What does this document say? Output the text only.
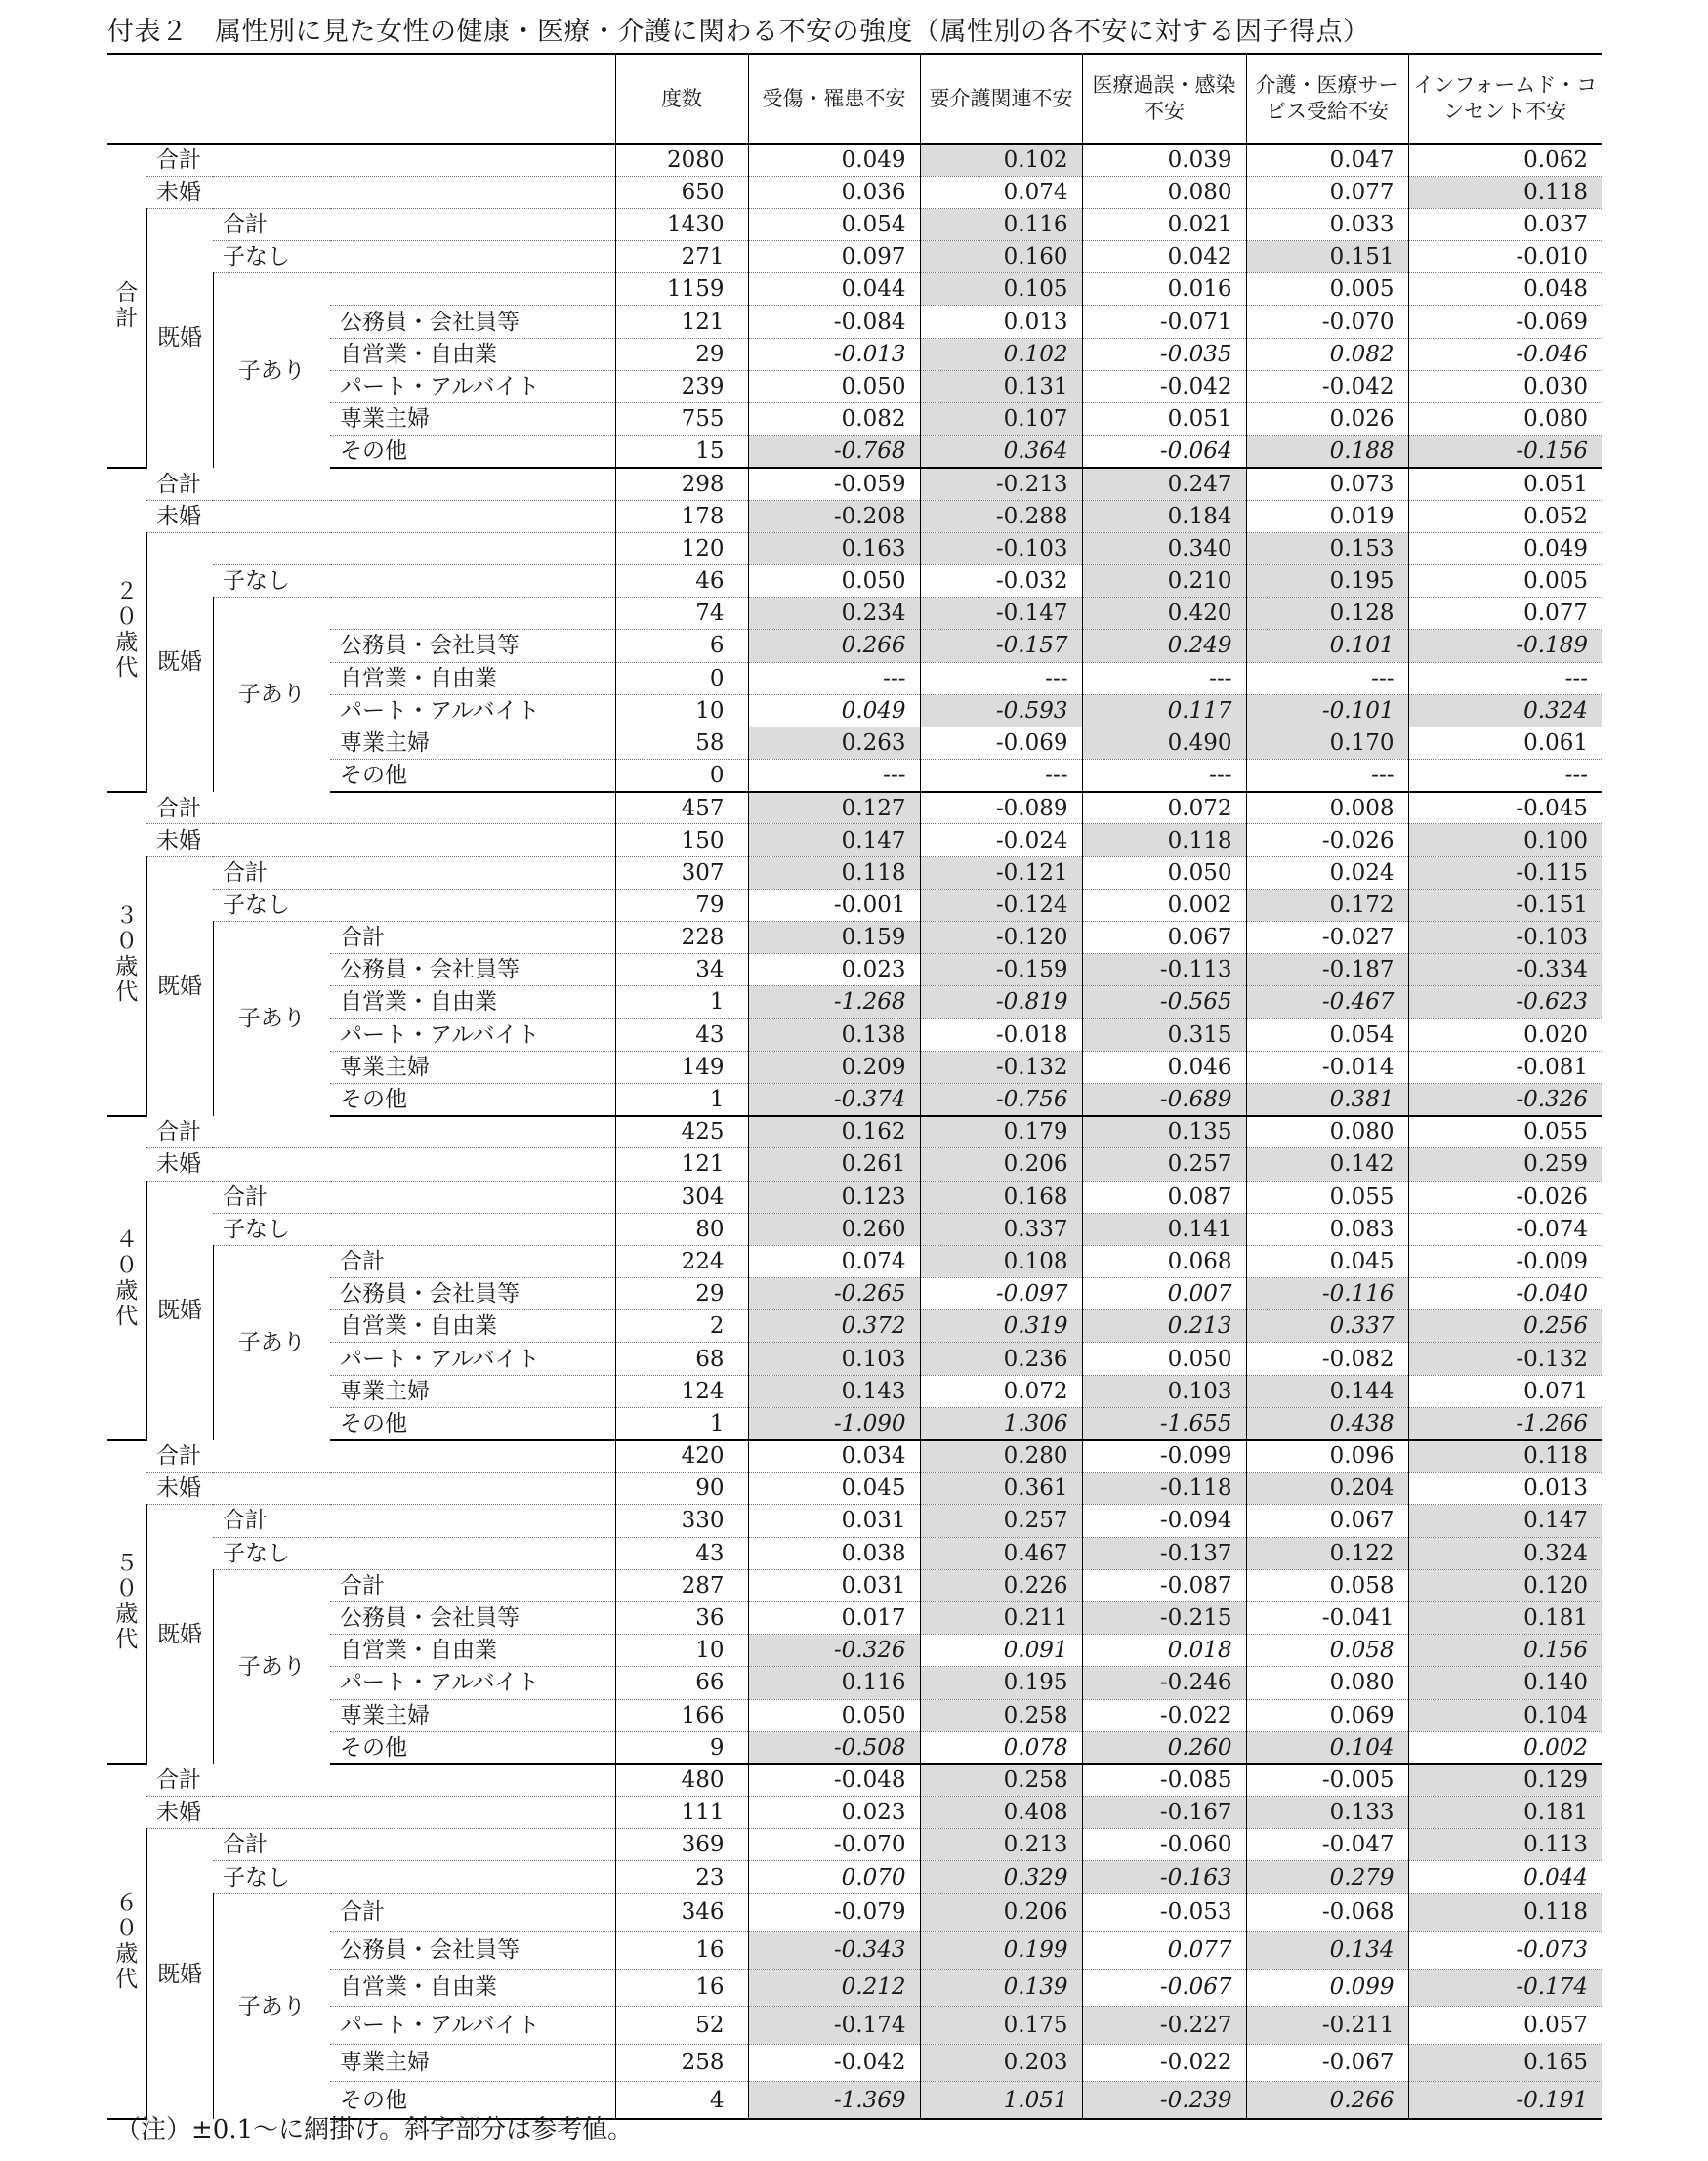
付表２　属性別に見た女性の健康・医療・介護に関わる不安の強度（属性別の各不安に対する因子得点）
				度数	受傷・罹患不安	要介護関連不安	医療過誤・感染不安	介護・医療サービス受給不安	インフォームド・コンセント不安
合計	合計			2080	0.049	0.102	0.039	0.047	0.062
	未婚			650	0.036	0.074	0.080	0.077	0.118
	既婚	合計		1430	0.054	0.116	0.021	0.033	0.037
		子なし		271	0.097	0.160	0.042	0.151	-0.010
		子あり		1159	0.044	0.105	0.016	0.005	0.048
			公務員・会社員等	121	-0.084	0.013	-0.071	-0.070	-0.069
			自営業・自由業	29	-0.013	0.102	-0.035	0.082	-0.046
			パート・アルバイト	239	0.050	0.131	-0.042	-0.042	0.030
			専業主婦	755	0.082	0.107	0.051	0.026	0.080
			その他	15	-0.768	0.364	-0.064	0.188	-0.156
２０歳代	合計			298	-0.059	-0.213	0.247	0.073	0.051
	未婚			178	-0.208	-0.288	0.184	0.019	0.052
	既婚			120	0.163	-0.103	0.340	0.153	0.049
		子なし		46	0.050	-0.032	0.210	0.195	0.005
		子あり		74	0.234	-0.147	0.420	0.128	0.077
			公務員・会社員等	6	0.266	-0.157	0.249	0.101	-0.189
			自営業・自由業	0	---	---	---	---	---
			パート・アルバイト	10	0.049	-0.593	0.117	-0.101	0.324
			専業主婦	58	0.263	-0.069	0.490	0.170	0.061
			その他	0	---	---	---	---	---
３０歳代	合計			457	0.127	-0.089	0.072	0.008	-0.045
	未婚			150	0.147	-0.024	0.118	-0.026	0.100
	既婚	合計		307	0.118	-0.121	0.050	0.024	-0.115
		子なし		79	-0.001	-0.124	0.002	0.172	-0.151
		子あり	合計	228	0.159	-0.120	0.067	-0.027	-0.103
			公務員・会社員等	34	0.023	-0.159	-0.113	-0.187	-0.334
			自営業・自由業	1	-1.268	-0.819	-0.565	-0.467	-0.623
			パート・アルバイト	43	0.138	-0.018	0.315	0.054	0.020
			専業主婦	149	0.209	-0.132	0.046	-0.014	-0.081
			その他	1	-0.374	-0.756	-0.689	0.381	-0.326
４０歳代	合計			425	0.162	0.179	0.135	0.080	0.055
	未婚			121	0.261	0.206	0.257	0.142	0.259
	既婚	合計		304	0.123	0.168	0.087	0.055	-0.026
		子なし		80	0.260	0.337	0.141	0.083	-0.074
		子あり	合計	224	0.074	0.108	0.068	0.045	-0.009
			公務員・会社員等	29	-0.265	-0.097	0.007	-0.116	-0.040
			自営業・自由業	2	0.372	0.319	0.213	0.337	0.256
			パート・アルバイト	68	0.103	0.236	0.050	-0.082	-0.132
			専業主婦	124	0.143	0.072	0.103	0.144	0.071
			その他	1	-1.090	1.306	-1.655	0.438	-1.266
５０歳代	合計			420	0.034	0.280	-0.099	0.096	0.118
	未婚			90	0.045	0.361	-0.118	0.204	0.013
	既婚	合計		330	0.031	0.257	-0.094	0.067	0.147
		子なし		43	0.038	0.467	-0.137	0.122	0.324
		子あり	合計	287	0.031	0.226	-0.087	0.058	0.120
			公務員・会社員等	36	0.017	0.211	-0.215	-0.041	0.181
			自営業・自由業	10	-0.326	0.091	0.018	0.058	0.156
			パート・アルバイト	66	0.116	0.195	-0.246	0.080	0.140
			専業主婦	166	0.050	0.258	-0.022	0.069	0.104
			その他	9	-0.508	0.078	0.260	0.104	0.002
６０歳代	合計			480	-0.048	0.258	-0.085	-0.005	0.129
	未婚			111	0.023	0.408	-0.167	0.133	0.181
	既婚	合計		369	-0.070	0.213	-0.060	-0.047	0.113
		子なし		23	0.070	0.329	-0.163	0.279	0.044
		子あり	合計	346	-0.079	0.206	-0.053	-0.068	0.118
			公務員・会社員等	16	-0.343	0.199	0.077	0.134	-0.073
			自営業・自由業	16	0.212	0.139	-0.067	0.099	-0.174
			パート・アルバイト	52	-0.174	0.175	-0.227	-0.211	0.057
			専業主婦	258	-0.042	0.203	-0.022	-0.067	0.165
			その他	4	-1.369	1.051	-0.239	0.266	-0.191
（注）±0.1～に網掛け。斜字部分は参考値。
